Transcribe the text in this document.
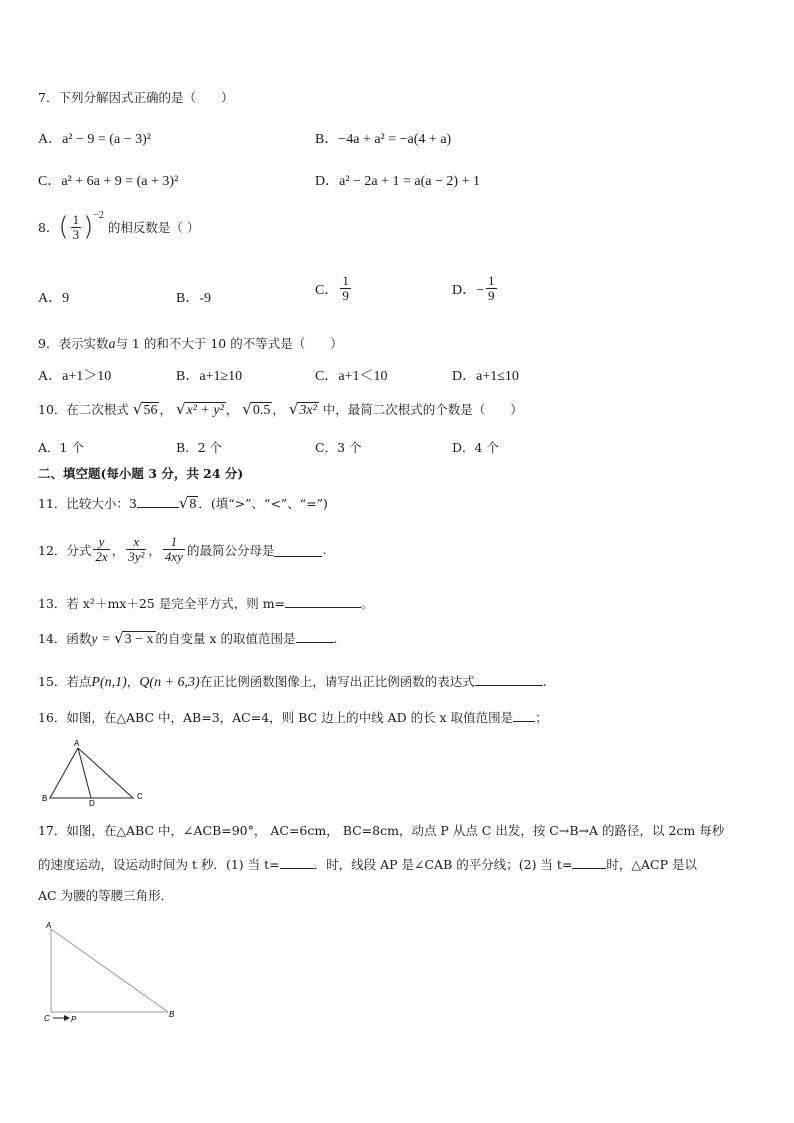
7．下列分解因式正确的是（　　）
A．a² − 9 = (a − 3)²	B．−4a + a² = −a(4 + a)
C．a² + 6a + 9 = (a + 3)²	D．a² − 2a + 1 = a(a − 2) + 1
8． ( $\frac{1}{3}$ ) −2
的相反数是（ ）
A．9	B．-9
C． $\frac{1}{9}$	D．− $\frac{1}{9}$
9．表示实数a与 1 的和不大于 10 的不等式是（　　）
A．a+1＞10	B．a+1≥10	C．a+1＜10	D．a+1≤10
10．在二次根式 √56 ， √x² + y² ， √0.5 ， √3x² 中，最简二次根式的个数是（　　）
A．1 个	B．2 个	C．3 个	D．4 个
二、填空题(每小题 3 分，共 24 分)
11．比较大小：3	√8 ．(填“>”、“<”、“=”)
12．分式 $\frac{y}{2x}$ ， $\frac{x}{\text{3y²}}$ ， $\frac{1}{4xy}$ 的最简公分母是	.
13．若 x²＋mx＋25 是完全平方式，则 m=	。
14．函数y = √3 − x 的自变量 x 的取值范围是	.
15．若点P(n,1)，Q(n + 6,3)在正比例函数图像上，请写出正比例函数的表达式	.
16．如图，在△ABC 中，AB=3，AC=4，则 BC 边上的中线 AD 的长 x 取值范围是 ；
A
B	C
D
17．如图，在△ABC 中，∠ACB=90°， AC=6cm， BC=8cm，动点 P 从点 C 出发，按 C→B→A 的路径，以 2cm 每秒
的速度运动，设运动时间为 t 秒．(1) 当 t=	．时，线段 AP 是∠CAB 的平分线；(2) 当 t=	时，△ACP 是以
AC 为腰的等腰三角形．
A
C	B
P
